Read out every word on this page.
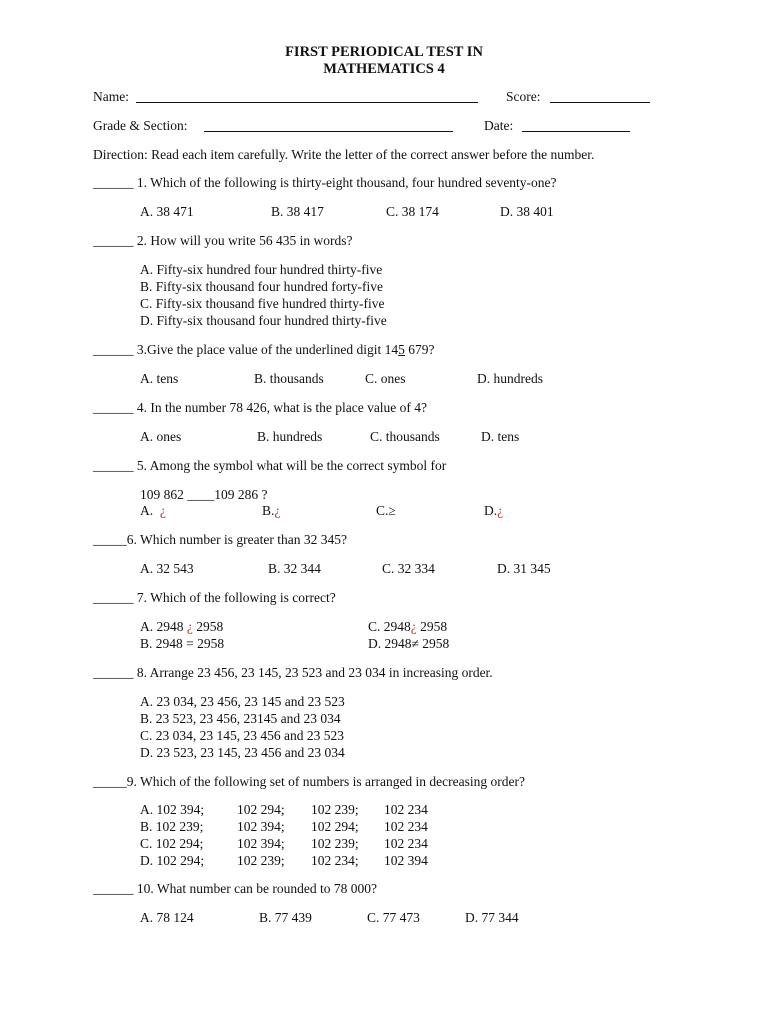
FIRST PERIODICAL TEST IN
MATHEMATICS 4
Name:	Score:
Grade & Section:	Date:
Direction: Read each item carefully. Write the letter of the correct answer before the number.
______ 1. Which of the following is thirty-eight thousand, four hundred seventy-one?
A. 38 471	B. 38 417	C. 38 174	D. 38 401
______ 2. How will you write 56 435 in words?
A. Fifty-six hundred four hundred thirty-five
B. Fifty-six thousand four hundred forty-five
C. Fifty-six thousand five hundred thirty-five
D. Fifty-six thousand four hundred thirty-five
______ 3.Give the place value of the underlined digit 145 679?
A. tens	B. thousands	C. ones	D. hundreds
______ 4. In the number 78 426, what is the place value of 4?
A. ones	B. hundreds	C. thousands	D. tens
______ 5. Among the symbol what will be the correct symbol for
109 862 ____109 286 ?
A. ¿	B.¿	C.≥	D.¿
_____6. Which number is greater than 32 345?
A. 32 543	B. 32 344	C. 32 334	D. 31 345
______ 7. Which of the following is correct?
A. 2948 ¿ 2958	C. 2948¿ 2958
B. 2948 = 2958	D. 2948≠ 2958
______ 8. Arrange 23 456, 23 145, 23 523 and 23 034 in increasing order.
A. 23 034, 23 456, 23 145 and 23 523
B. 23 523, 23 456, 23145 and 23 034
C. 23 034, 23 145, 23 456 and 23 523
D. 23 523, 23 145, 23 456 and 23 034
_____9. Which of the following set of numbers is arranged in decreasing order?
A. 102 394; 102 294; 102 239; 102 234
B. 102 239; 102 394; 102 294; 102 234
C. 102 294; 102 394; 102 239; 102 234
D. 102 294; 102 239; 102 234; 102 394
______ 10. What number can be rounded to 78 000?
A. 78 124	B. 77 439	C. 77 473	D. 77 344
